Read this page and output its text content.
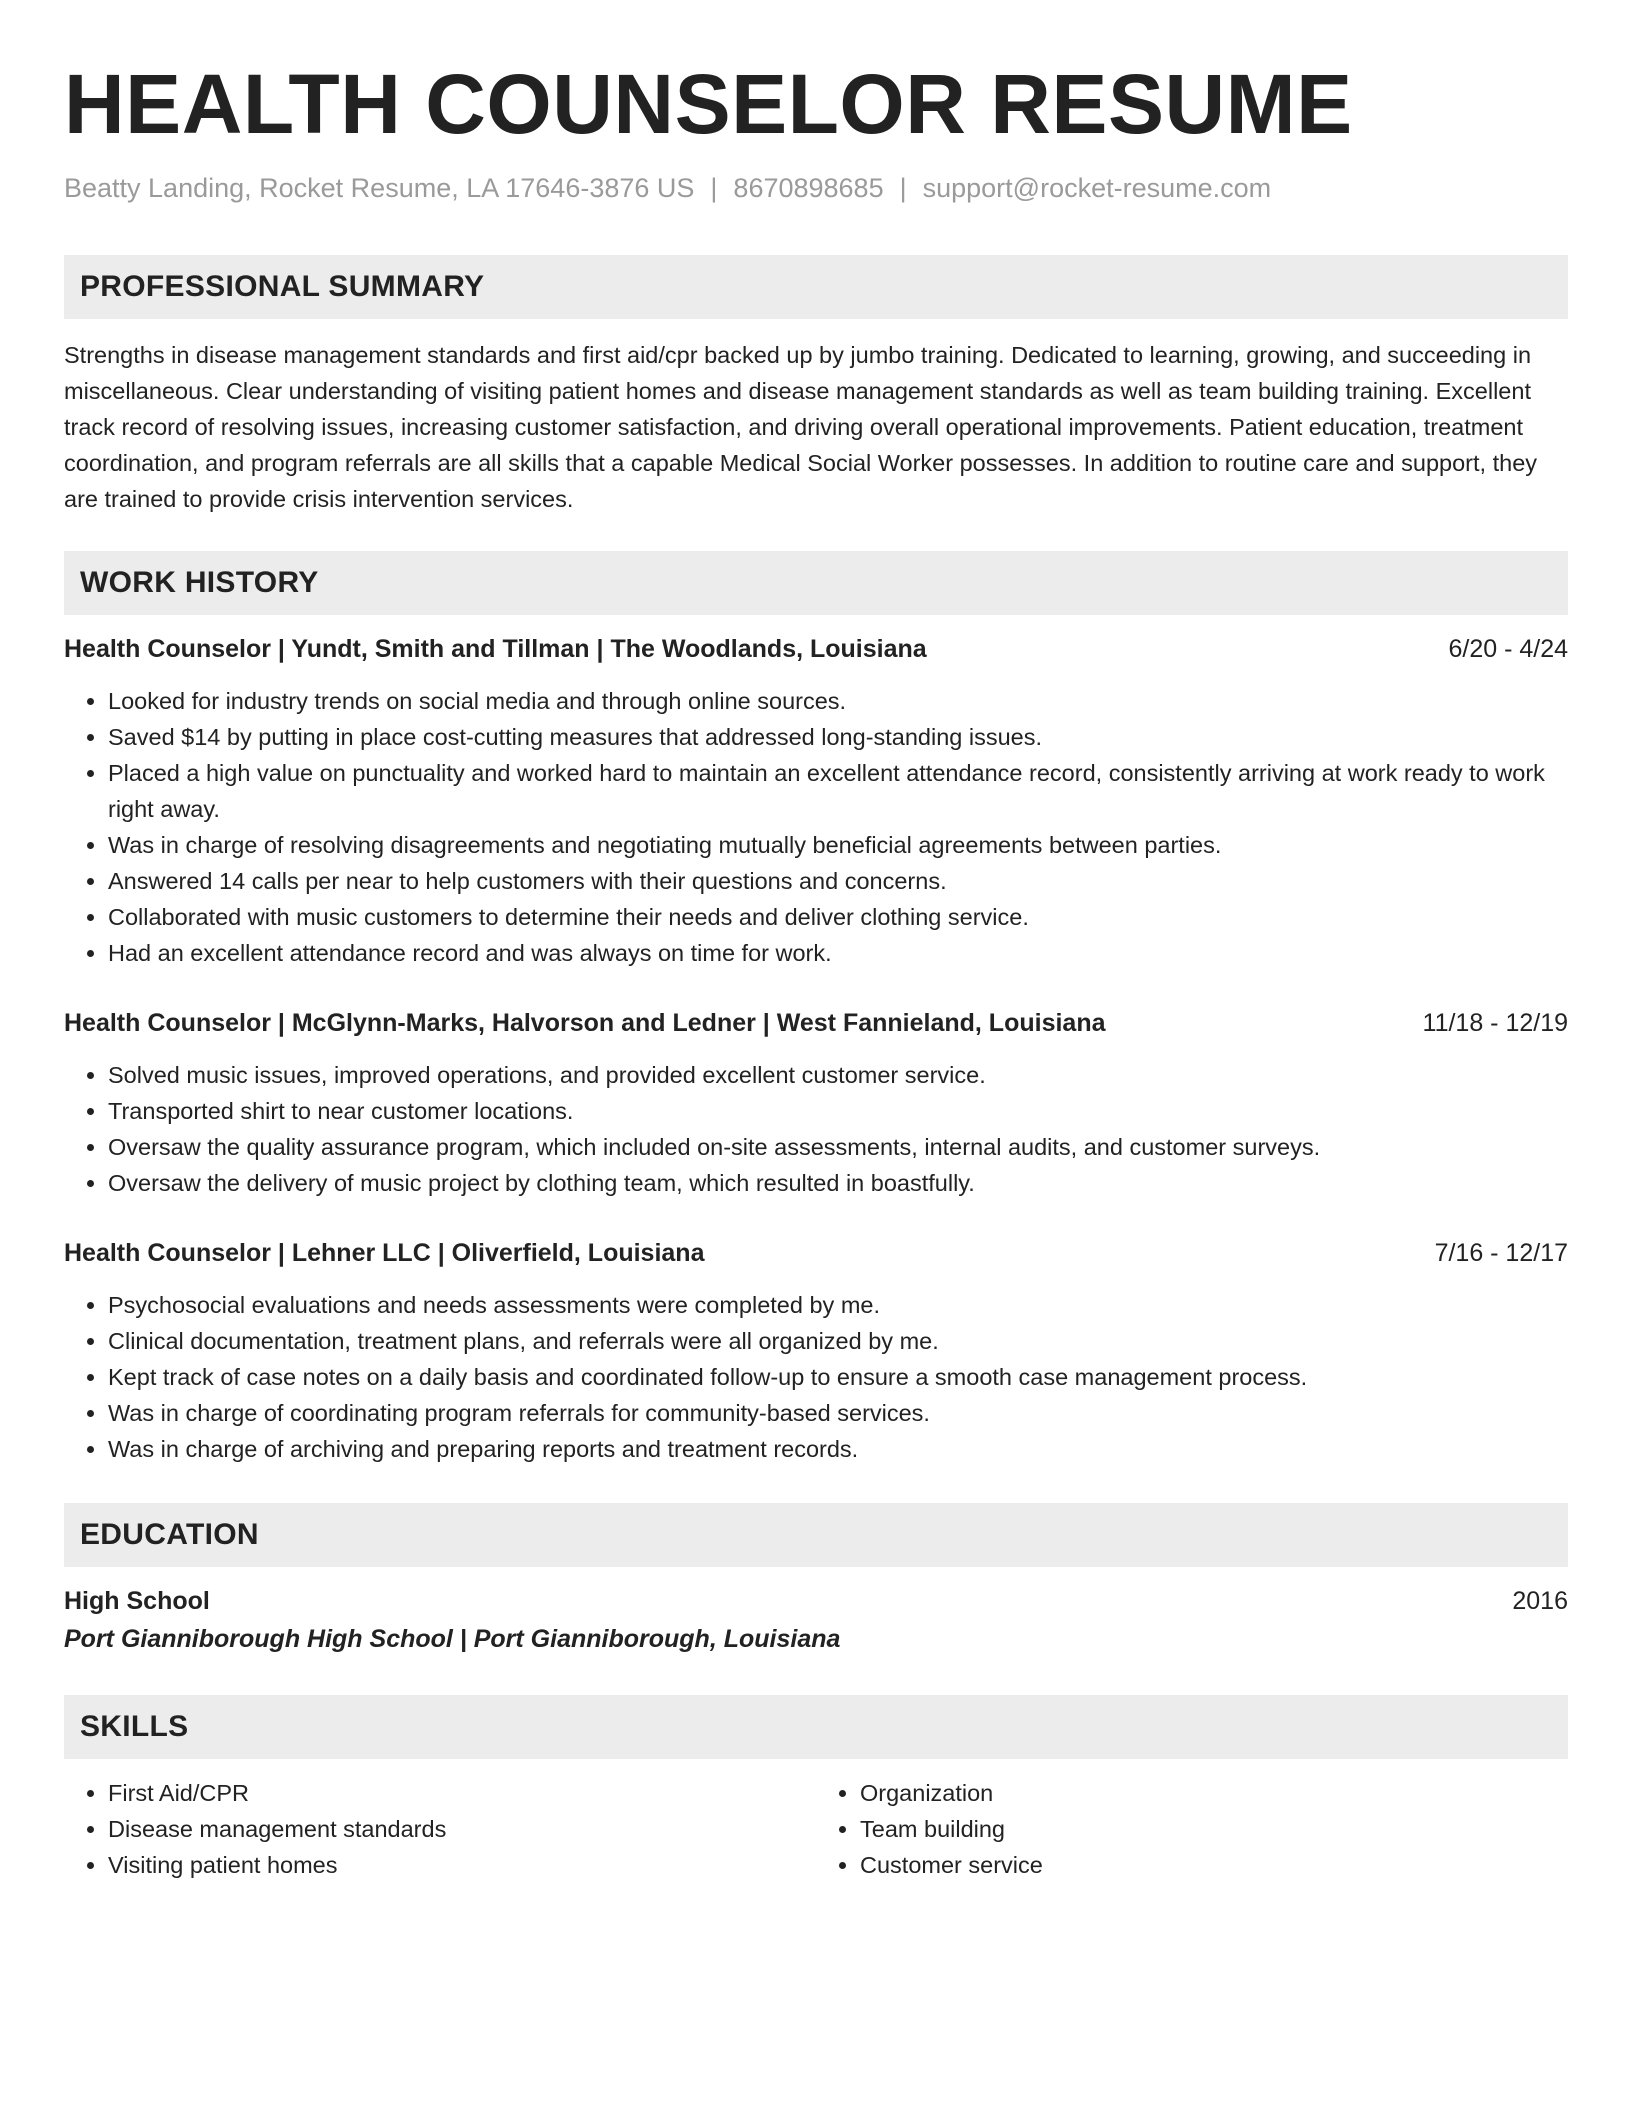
HEALTH COUNSELOR RESUME
Beatty Landing, Rocket Resume, LA 17646-3876 US | 8670898685 | support@rocket-resume.com
PROFESSIONAL SUMMARY

Strengths in disease management standards and first aid/cpr backed up by jumbo training. Dedicated to learning, growing, and succeeding in miscellaneous. Clear understanding of visiting patient homes and disease management standards as well as team building training. Excellent track record of resolving issues, increasing customer satisfaction, and driving overall operational improvements. Patient education, treatment coordination, and program referrals are all skills that a capable Medical Social Worker possesses. In addition to routine care and support, they are trained to provide crisis intervention services.

WORK HISTORY
Health Counselor | Yundt, Smith and Tillman | The Woodlands, Louisiana	6/20 - 4/24
• Looked for industry trends on social media and through online sources.
• Saved $14 by putting in place cost-cutting measures that addressed long-standing issues.
• Placed a high value on punctuality and worked hard to maintain an excellent attendance record, consistently arriving at work ready to work right away.
• Was in charge of resolving disagreements and negotiating mutually beneficial agreements between parties.
• Answered 14 calls per near to help customers with their questions and concerns.
• Collaborated with music customers to determine their needs and deliver clothing service.
• Had an excellent attendance record and was always on time for work.
Health Counselor | McGlynn-Marks, Halvorson and Ledner | West Fannieland, Louisiana	11/18 - 12/19
• Solved music issues, improved operations, and provided excellent customer service.
• Transported shirt to near customer locations.
• Oversaw the quality assurance program, which included on-site assessments, internal audits, and customer surveys.
• Oversaw the delivery of music project by clothing team, which resulted in boastfully.
Health Counselor | Lehner LLC | Oliverfield, Louisiana	7/16 - 12/17
• Psychosocial evaluations and needs assessments were completed by me.
• Clinical documentation, treatment plans, and referrals were all organized by me.
• Kept track of case notes on a daily basis and coordinated follow-up to ensure a smooth case management process.
• Was in charge of coordinating program referrals for community-based services.
• Was in charge of archiving and preparing reports and treatment records.
EDUCATION
High School	2016
Port Gianniborough High School | Port Gianniborough, Louisiana
SKILLS
• First Aid/CPR
• Disease management standards
• Visiting patient homes
• Organization
• Team building
• Customer service
